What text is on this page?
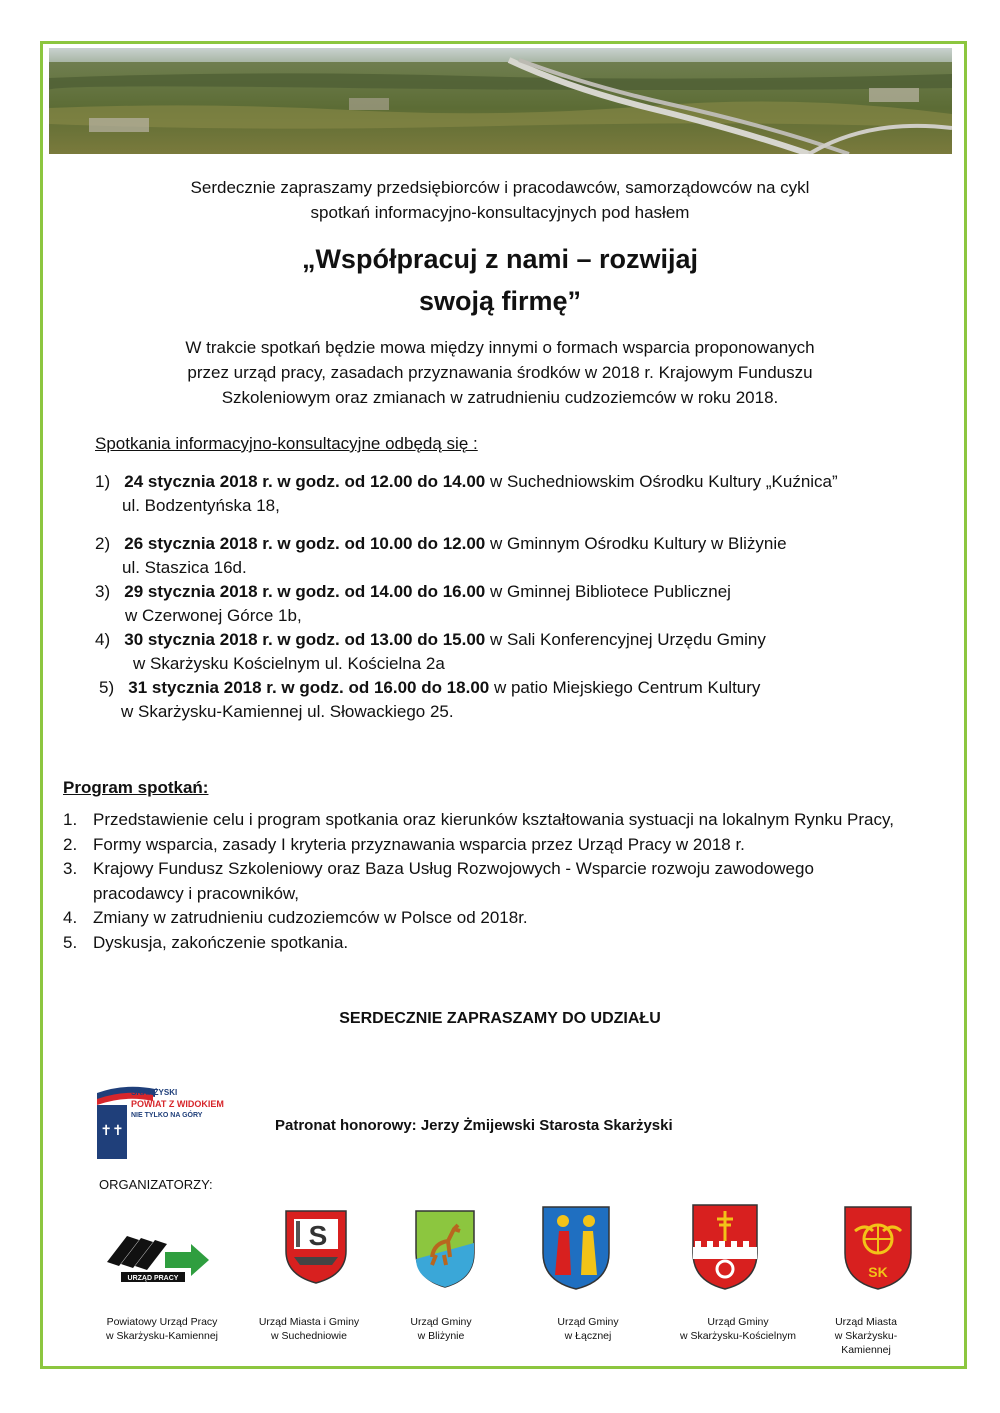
Serdecznie zapraszamy przedsiębiorców i pracodawców, samorządowców na cykl
spotkań informacyjno-konsultacyjnych pod hasłem
„Współpracuj z nami – rozwijaj
swoją firmę”
W trakcie spotkań będzie mowa między innymi o formach wsparcia proponowanych
przez urząd pracy, zasadach przyznawania środków w 2018 r. Krajowym Funduszu
Szkoleniowym oraz zmianach w zatrudnieniu cudzoziemców w roku 2018.
Spotkania informacyjno-konsultacyjne odbędą się :
1) 24 stycznia 2018 r. w godz. od 12.00 do 14.00 w Suchedniowskim Ośrodku Kultury „Kuźnica”
ul. Bodzentyńska 18,
2) 26 stycznia 2018 r. w godz. od 10.00 do 12.00 w Gminnym Ośrodku Kultury w Bliżynie
ul. Staszica 16d.
3) 29 stycznia 2018 r. w godz. od 14.00 do 16.00 w Gminnej Bibliotece Publicznej
w Czerwonej Górce 1b,
4) 30 stycznia 2018 r. w godz. od 13.00 do 15.00 w Sali Konferencyjnej Urzędu Gminy
w Skarżysku Kościelnym ul. Kościelna 2a
5) 31 stycznia 2018 r. w godz. od 16.00 do 18.00 w patio Miejskiego Centrum Kultury
w Skarżysku-Kamiennej ul. Słowackiego 25.
Program spotkań:
1. Przedstawienie celu i program spotkania oraz kierunków kształtowania systuacji na lokalnym Rynku Pracy,
2. Formy wsparcia, zasady I kryteria przyznawania wsparcia przez Urząd Pracy w 2018 r.
3. Krajowy Fundusz Szkoleniowy oraz Baza Usług Rozwojowych - Wsparcie rozwoju zawodowego
pracodawcy i pracowników,
4. Zmiany w zatrudnieniu cudzoziemców w Polsce od 2018r.
5. Dyskusja, zakończenie spotkania.
SERDECZNIE ZAPRASZAMY DO UDZIAŁU
✝✝
SKARŻYSKI
POWIAT Z WIDOKIEM
NIE TYLKO NA GÓRY
Patronat honorowy: Jerzy Żmijewski Starosta Skarżyski
ORGANIZATORZY:
URZĄD PRACY
S
SK
Powiatowy Urząd Pracy
w Skarżysku-Kamiennej
Urząd Miasta i Gminy
w Suchedniowie
Urząd Gminy
w Bliżynie
Urząd Gminy
w Łącznej
Urząd Gminy
w Skarżysku-Kościelnym
Urząd Miasta
w Skarżysku-
Kamiennej
